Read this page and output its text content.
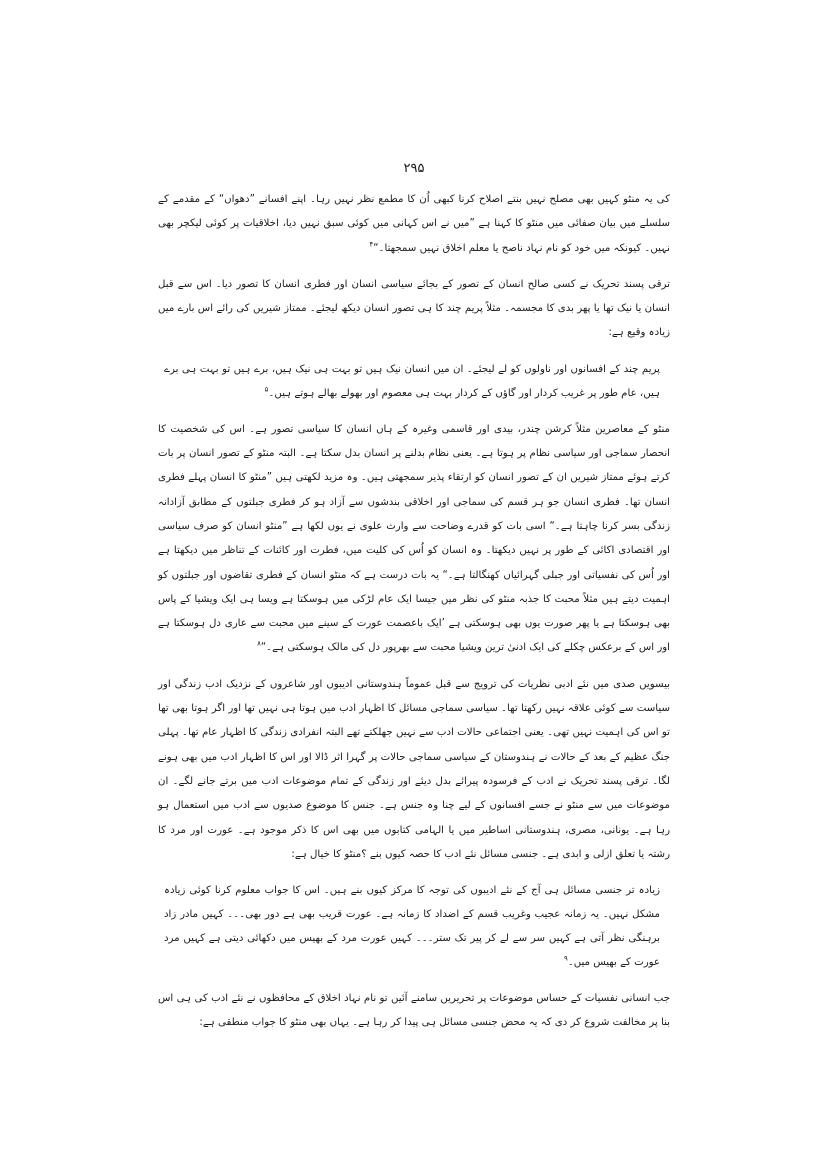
۲۹۵

کی یہ منٹو کہیں بھی مصلح نہیں بنتے اصلاح کرنا کبھی اُن کا مطمع نظر نہیں رہا۔ اپنے افسانے ”دھواں“ کے مقدمے کے سلسلے میں بیان صفائی میں منٹو کا کہنا ہے ”میں نے اس کہانی میں کوئی سبق نہیں دیا، اخلاقیات پر کوئی لیکچر بھی نہیں۔ کیونکہ میں خود کو نام نہاد ناصح یا معلم اخلاق نہیں سمجھتا۔“$^۴$

ترقی پسند تحریک نے کسی صالح انسان کے تصور کے بجائے سیاسی انسان اور فطری انسان کا تصور دیا۔ اس سے قبل انسان یا نیک تھا یا پھر بدی کا مجسمہ۔ مثلاً پریم چند کا ہی تصور انسان دیکھ لیجئے۔ ممتاز شیریں کی رائے اس بارے میں زیادہ وقیع ہے:

پریم چند کے افسانوں اور ناولوں کو لے لیجئے۔ ان میں انسان نیک ہیں تو بہت ہی نیک ہیں، برے ہیں تو بہت ہی برے ہیں، عام طور پر غریب کردار اور گاؤں کے کردار بہت ہی معصوم اور بھولے بھالے ہوتے ہیں۔$^۵$

منٹو کے معاصرین مثلاً کرشن چندر، بیدی اور قاسمی وغیرہ کے ہاں انسان کا سیاسی تصور ہے۔ اس کی شخصیت کا انحصار سماجی اور سیاسی نظام پر ہوتا ہے۔ یعنی نظام بدلنے پر انسان بدل سکتا ہے۔ البتہ منٹو کے تصور انسان پر بات کرتے ہوئے ممتاز شیریں ان کے تصور انسان کو ارتقاء پذیر سمجھتی ہیں۔ وہ مزید لکھتی ہیں ”منٹو کا انسان پہلے فطری انسان تھا۔ فطری انسان جو ہر قسم کی سماجی اور اخلاقی بندشوں سے آزاد ہو کر فطری جبلتوں کے مطابق آزادانہ زندگی بسر کرنا چاہتا ہے۔“ اسی بات کو قدرے وضاحت سے وارث علوی نے یوں لکھا ہے ”منٹو انسان کو صرف سیاسی اور اقتصادی اکائی کے طور پر نہیں دیکھتا۔ وہ انسان کو اُس کی کلیت میں، فطرت اور کائنات کے تناظر میں دیکھتا ہے اور اُس کی نفسیاتی اور جبلی گہرائیاں کھنگالتا ہے۔“ یہ بات درست ہے کہ منٹو انسان کے فطری تقاضوں اور جبلتوں کو اہمیت دیتے ہیں مثلاً محبت کا جذبہ منٹو کی نظر میں جیسا ایک عام لڑکی میں ہوسکتا ہے ویسا ہی ایک ویشیا کے پاس بھی ہوسکتا ہے یا پھر صورت یوں بھی ہوسکتی ہے ’ایک باعصمت عورت کے سینے میں محبت سے عاری دل ہوسکتا ہے اور اس کے برعکس چکلے کی ایک ادنیٰ ترین ویشیا محبت سے بھرپور دل کی مالک ہوسکتی ہے۔“$^۸$

بیسویں صدی میں نئے ادبی نظریات کی ترویج سے قبل عموماً ہندوستانی ادیبوں اور شاعروں کے نزدیک ادب زندگی اور سیاست سے کوئی علاقہ نہیں رکھتا تھا۔ سیاسی سماجی مسائل کا اظہار ادب میں ہوتا ہی نہیں تھا اور اگر ہوتا بھی تھا تو اس کی اہمیت نہیں تھی۔ یعنی اجتماعی حالات ادب سے نہیں جھلکتے تھے البتہ انفرادی زندگی کا اظہار عام تھا۔ پہلی جنگ عظیم کے بعد کے حالات نے ہندوستان کے سیاسی سماجی حالات پر گہرا اثر ڈالا اور اس کا اظہار ادب میں بھی ہونے لگا۔ ترقی پسند تحریک نے ادب کے فرسودہ پیرائے بدل دیئے اور زندگی کے تمام موضوعات ادب میں برتے جانے لگے۔ ان موضوعات میں سے منٹو نے جسے افسانوں کے لیے چنا وہ جنس ہے۔ جنس کا موضوع صدیوں سے ادب میں استعمال ہو رہا ہے۔ یونانی، مصری، ہندوستانی اساطیر میں یا الہامی کتابوں میں بھی اس کا ذکر موجود ہے۔ عورت اور مرد کا رشتہ یا تعلق ازلی و ابدی ہے۔ جنسی مسائل نئے ادب کا حصہ کیوں بنے ؟منٹو کا خیال ہے:

زیادہ تر جنسی مسائل ہی آج کے نئے ادیبوں کی توجہ کا مرکز کیوں بنے ہیں۔ اس کا جواب معلوم کرنا کوئی زیادہ مشکل نہیں۔ یہ زمانہ عجیب وغریب قسم کے اضداد کا زمانہ ہے۔ عورت قریب بھی ہے دور بھی۔۔۔ کہیں مادر زاد برہنگی نظر آتی ہے کہیں سر سے لے کر پیر تک ستر۔۔۔ کہیں عورت مرد کے بھیس میں دکھائی دیتی ہے کہیں مرد عورت کے بھیس میں۔$^۹$

جب انسانی نفسیات کے حساس موضوعات پر تحریریں سامنے آئیں تو نام نہاد اخلاق کے محافظوں نے نئے ادب کی ہی اس بنا پر مخالفت شروع کر دی کہ یہ محض جنسی مسائل ہی پیدا کر رہا ہے۔ یہاں بھی منٹو کا جواب منطقی ہے:
